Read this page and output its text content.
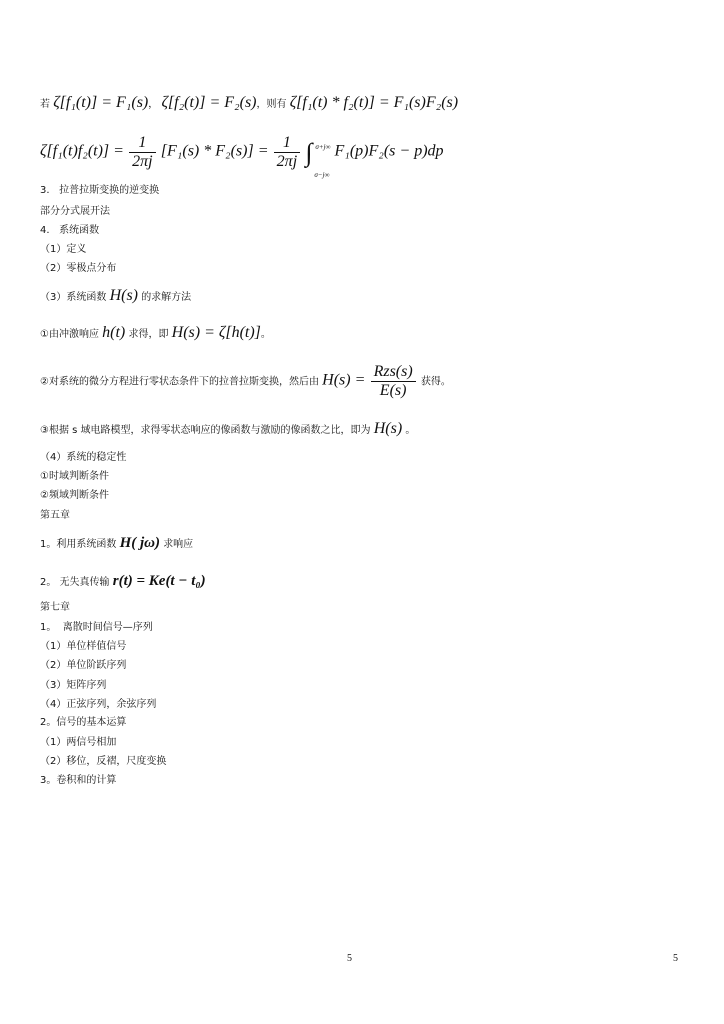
若 ζ[f₁(t)] = F₁(s)， ζ[f₂(t)] = F₂(s)，则有 ζ[f₁(t) * f₂(t)] = F₁(s)F₂(s)
$\zeta[f_1(t)f_2(t)] = \frac{1}{2\pi j} [F_1(s) * F_2(s)] = \frac{1}{2\pi j}$ ∫ σ+j∞
σ−j∞
F₁(p)F₂(s − p)dp
3.   拉普拉斯变换的逆变换
部分分式展开法
4.   系统函数
（1）定义
（2）零极点分布
（3）系统函数 H(s) 的求解方法
①由冲激响应 h(t) 求得，即 H(s) = ζ[h(t)]。
②对系统的微分方程进行零状态条件下的拉普拉斯变换，然后由 $H(s) = \frac{\text{Rzs(s)}}{E(s)}$ 获得。
③根据 s 域电路模型，求得零状态响应的像函数与激励的像函数之比，即为 H(s) 。
（4）系统的稳定性
①时域判断条件
②频域判断条件
第五章
1。利用系统函数 H( jω) 求响应
2。 无失真传输 r(t) = Ke(t − t₀)
第七章
1。  离散时间信号—序列
（1）单位样值信号
（2）单位阶跃序列
（3）矩阵序列
（4）正弦序列，余弦序列
2。信号的基本运算
（1）两信号相加
（2）移位，反褶，尺度变换
3。卷积和的计算
5	5
